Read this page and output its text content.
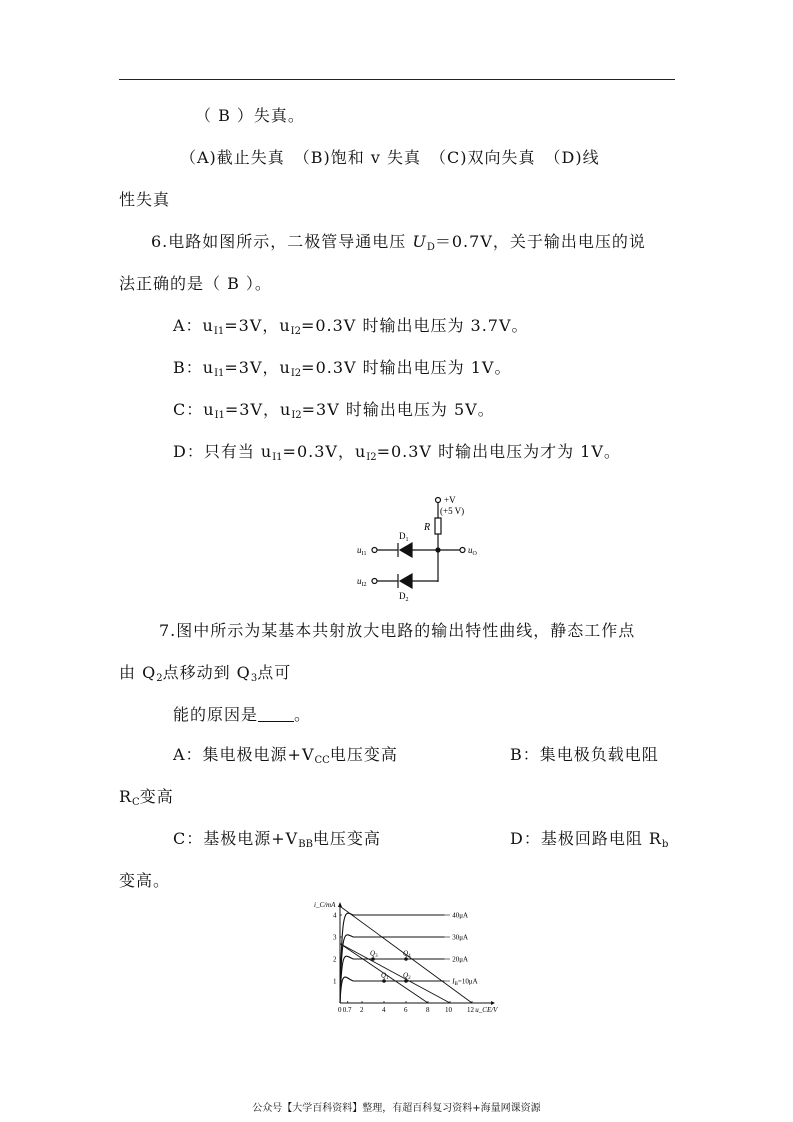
（ B ）失真。
（A)截止失真　（B)饱和 v 失真　（C)双向失真　（D)线
性失真
6.电路如图所示，二极管导通电压 $U_D=0.7V$，关于输出电压的说
法正确的是（ B ）。
A：$u_{I1}=3V$，$u_{I2}=0.3V$ 时输出电压为 3.7V。
B：$u_{I1}=3V$，$u_{I2}=0.3V$ 时输出电压为 1V。
C：$u_{I1}=3V$，$u_{I2}=3V$ 时输出电压为 5V。
D：只有当 $u_{I1}=0.3V$，$u_{I2}=0.3V$ 时输出电压为才为 1V。
+V
(+5 V)
R
$D_1$
$D_2$
$u_{I1}$
$u_{I2}$
$u_O$
7.图中所示为某基本共射放大电路的输出特性曲线，静态工作点
由 $Q_2$点移动到 $Q_3$点可
能的原因是 。
A：集电极电源$+V_{CC}$电压变高	B：集电极负载电阻
$R_C$变高
C：基极电源$+V_{BB}$电压变高	D：基极回路电阻 $R_b$
变高。
i_C/mA
u_CE/V
0 0.7 2	4	6	8 10 12
1
2
3
4
$I_B=10\mu A$
20μA
30μA
40μA
$Q_1$ $Q_2$
$Q_3$	$Q_4$
公众号【大学百科资料】整理，有超百科复习资料+海量网课资源
